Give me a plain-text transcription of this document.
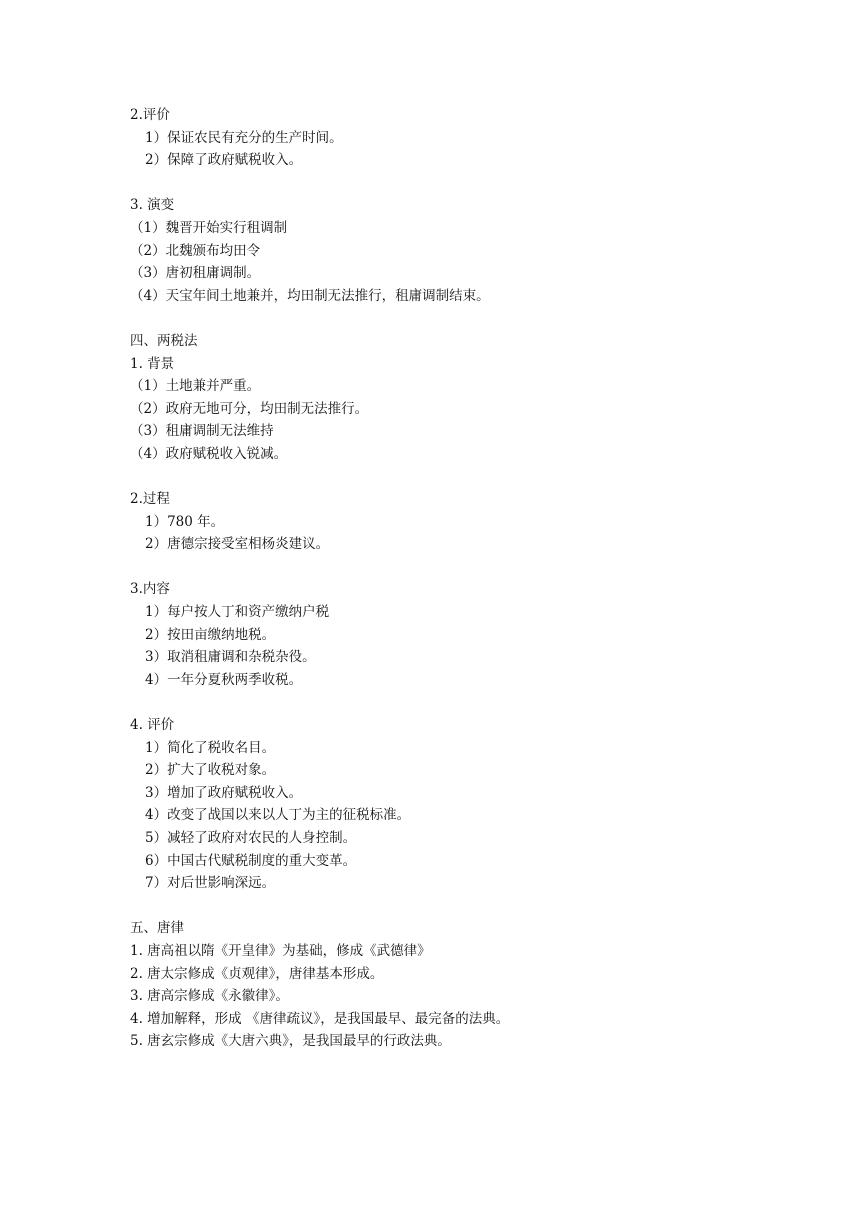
2.评价
1）保证农民有充分的生产时间。
2）保障了政府赋税收入。
3. 演变
（1）魏晋开始实行租调制
（2）北魏颁布均田令
（3）唐初租庸调制。
（4）天宝年间土地兼并，均田制无法推行，租庸调制结束。
四、两税法
1. 背景
（1）土地兼并严重。
（2）政府无地可分，均田制无法推行。
（3）租庸调制无法维持
（4）政府赋税收入锐减。
2.过程
1）780 年。
2）唐德宗接受室相杨炎建议。
3.内容
1）每户按人丁和资产缴纳户税
2）按田亩缴纳地税。
3）取消租庸调和杂税杂役。
4）一年分夏秋两季收税。
4. 评价
1）简化了税收名目。
2）扩大了收税对象。
3）增加了政府赋税收入。
4）改变了战国以来以人丁为主的征税标准。
5）减轻了政府对农民的人身控制。
6）中国古代赋税制度的重大变革。
7）对后世影响深远。
五、唐律
1. 唐高祖以隋《开皇律》为基础，修成《武德律》
2. 唐太宗修成《贞观律》，唐律基本形成。
3. 唐高宗修成《永徽律》。
4. 增加解释，形成 《唐律疏议》，是我国最早、最完备的法典。
5. 唐玄宗修成《大唐六典》，是我国最早的行政法典。
